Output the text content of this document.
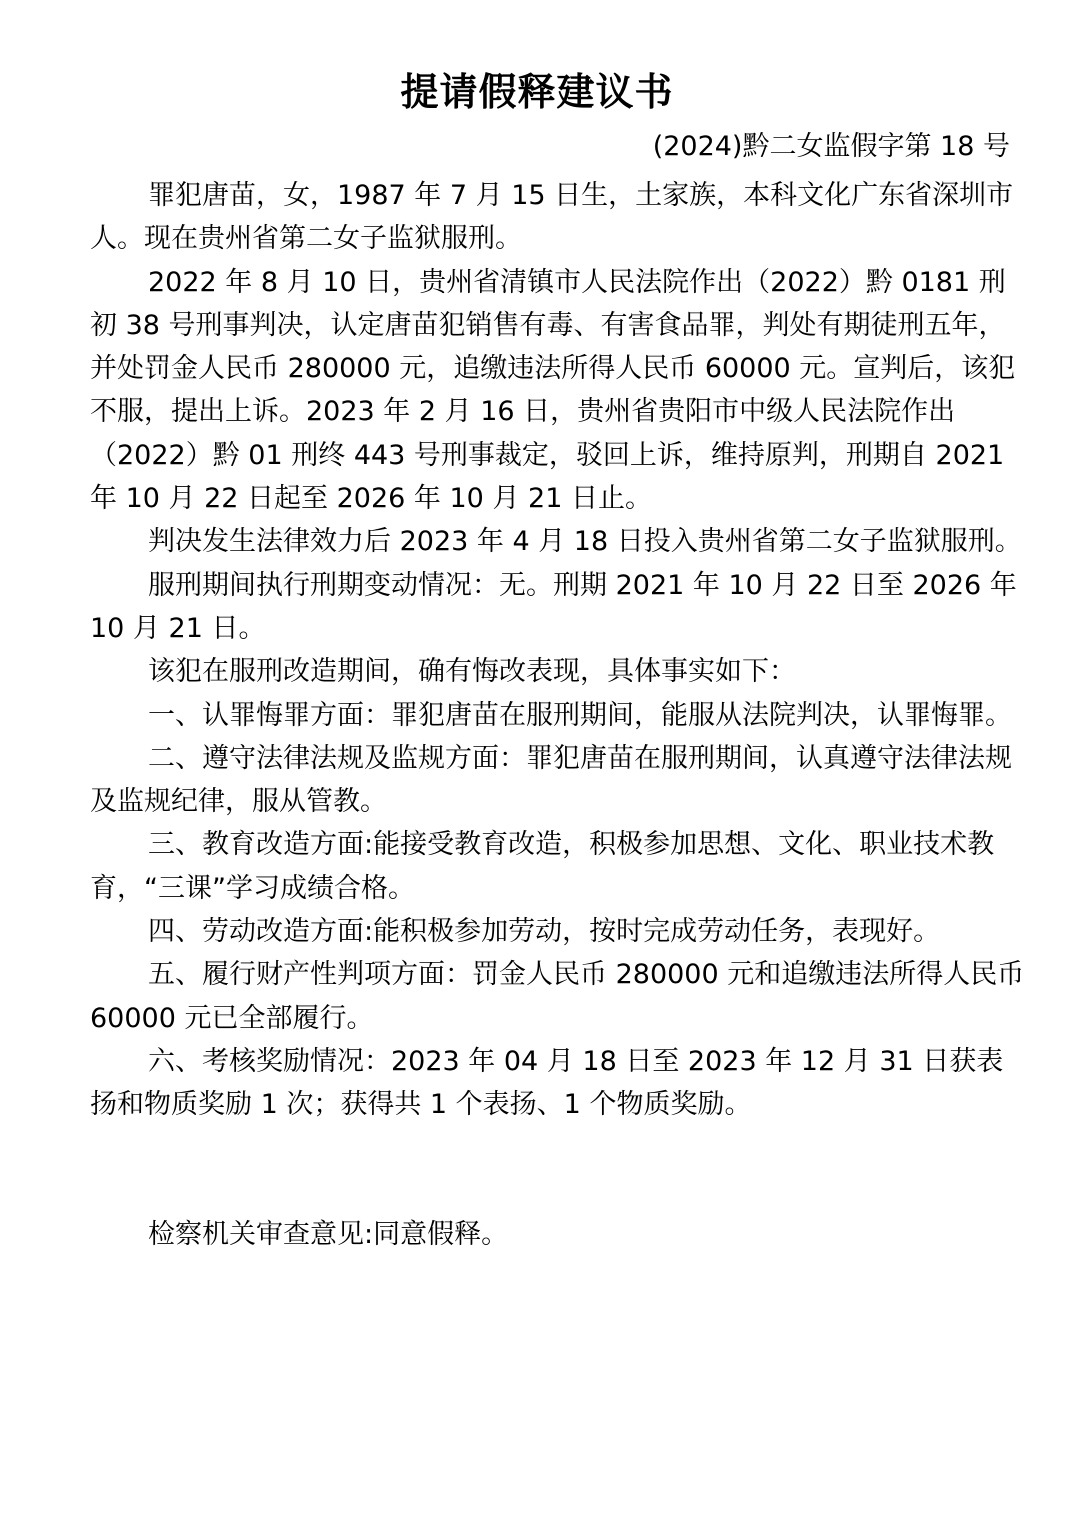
提请假释建议书
(2024)黔二女监假字第 18 号

罪犯唐苗，女，1987 年 7 月 15 日生，土家族，本科文化广东省深圳市人。现在贵州省第二女子监狱服刑。

2022 年 8 月 10 日，贵州省清镇市人民法院作出（2022）黔 0181 刑初 38 号刑事判决，认定唐苗犯销售有毒、有害食品罪，判处有期徒刑五年，并处罚金人民币 280000 元，追缴违法所得人民币 60000 元。宣判后，该犯不服，提出上诉。2023 年 2 月 16 日，贵州省贵阳市中级人民法院作出（2022）黔 01 刑终 443 号刑事裁定，驳回上诉，维持原判，刑期自 2021 年 10 月 22 日起至 2026 年 10 月 21 日止。

判决发生法律效力后 2023 年 4 月 18 日投入贵州省第二女子监狱服刑。

服刑期间执行刑期变动情况：无。刑期 2021 年 10 月 22 日至 2026 年 10 月 21 日。

该犯在服刑改造期间，确有悔改表现，具体事实如下：

一、认罪悔罪方面：罪犯唐苗在服刑期间，能服从法院判决，认罪悔罪。

二、遵守法律法规及监规方面：罪犯唐苗在服刑期间，认真遵守法律法规及监规纪律，服从管教。

三、教育改造方面:能接受教育改造，积极参加思想、文化、职业技术教育，“三课”学习成绩合格。

四、劳动改造方面:能积极参加劳动，按时完成劳动任务，表现好。

五、履行财产性判项方面：罚金人民币 280000 元和追缴违法所得人民币 60000 元已全部履行。

六、考核奖励情况：2023 年 04 月 18 日至 2023 年 12 月 31 日获表扬和物质奖励 1 次；获得共 1 个表扬、1 个物质奖励。

检察机关审查意见:同意假释。
